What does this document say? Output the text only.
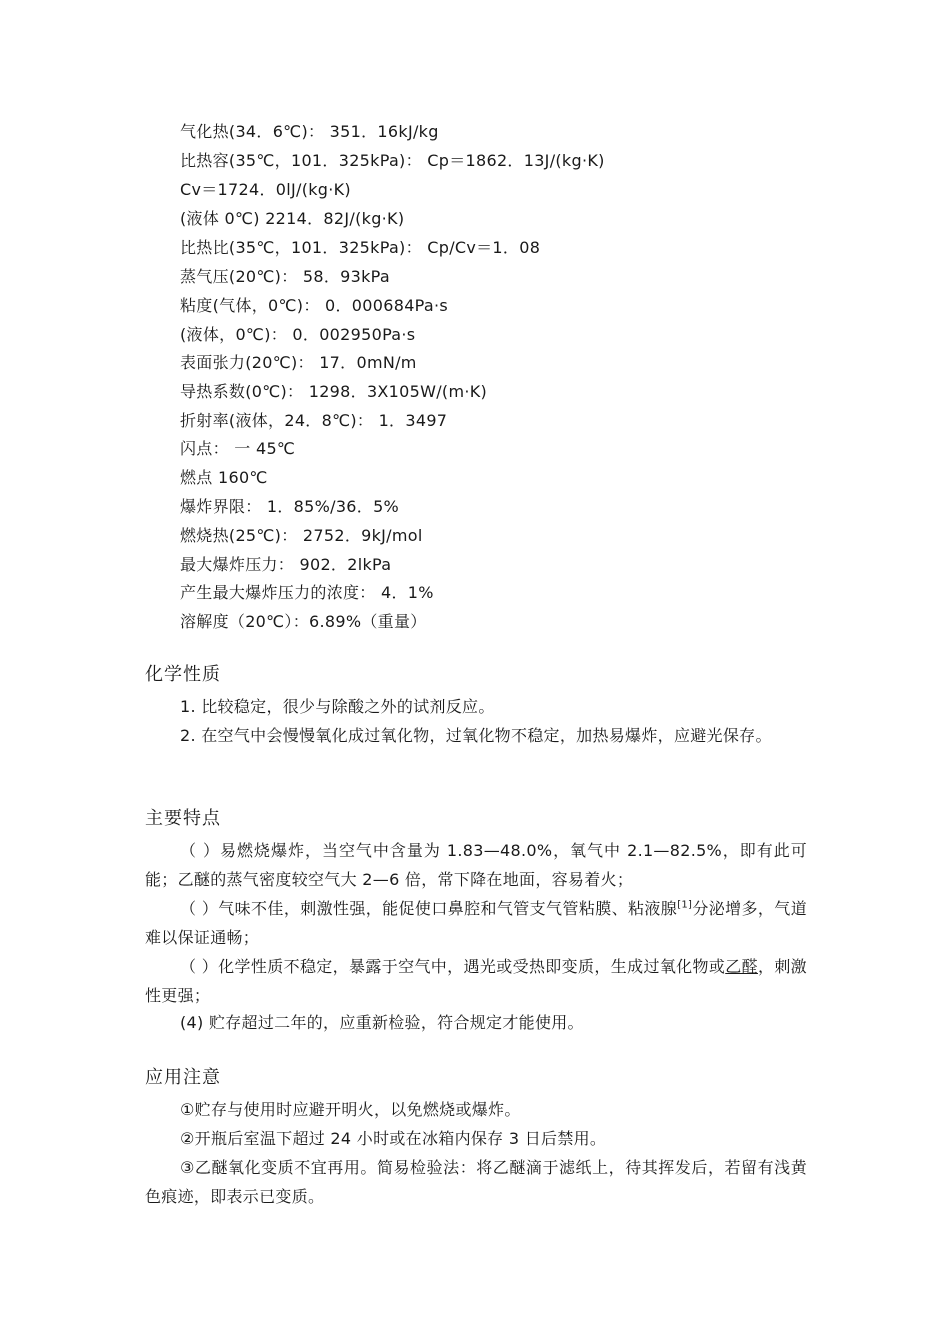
气化热(34．6℃)： 351．16kJ/kg
比热容(35℃，101．325kPa)： Cp＝1862．13J/(kg·K)
Cv＝1724．0lJ/(kg·K)
(液体 0℃) 2214．82J/(kg·K)
比热比(35℃，101．325kPa)： Cp/Cv＝1．08
蒸气压(20℃)： 58．93kPa
粘度(气体，0℃)： 0．000684Pa·s
(液体，0℃)： 0．002950Pa·s
表面张力(20℃)： 17．0mN/m
导热系数(0℃)： 1298．3X105W/(m·K)
折射率(液体，24．8℃)： 1．3497
闪点： 一 45℃
燃点 160℃
爆炸界限： 1．85%/36．5%
燃烧热(25℃)： 2752．9kJ/mol
最大爆炸压力： 902．2lkPa
产生最大爆炸压力的浓度： 4．1%
溶解度（20℃）：6.89%（重量）
化学性质
1. 比较稳定，很少与除酸之外的试剂反应。
2. 在空气中会慢慢氧化成过氧化物，过氧化物不稳定，加热易爆炸，应避光保存。
主要特点
（ ）易燃烧爆炸，当空气中含量为 1.83—48.0%，氧气中 2.1—82.5%，即有此可能；乙醚的蒸气密度较空气大 2—6 倍，常下降在地面，容易着火；
（ ）气味不佳，刺激性强，能促使口鼻腔和气管支气管粘膜、粘液腺[1]分泌增多，气道难以保证通畅；
（ ）化学性质不稳定，暴露于空气中，遇光或受热即变质，生成过氧化物或乙醛，刺激性更强；
(4) 贮存超过二年的，应重新检验，符合规定才能使用。
应用注意
①贮存与使用时应避开明火，以免燃烧或爆炸。
②开瓶后室温下超过 24 小时或在冰箱内保存 3 日后禁用。
③乙醚氧化变质不宜再用。简易检验法：将乙醚滴于滤纸上，待其挥发后，若留有浅黄色痕迹，即表示已变质。
